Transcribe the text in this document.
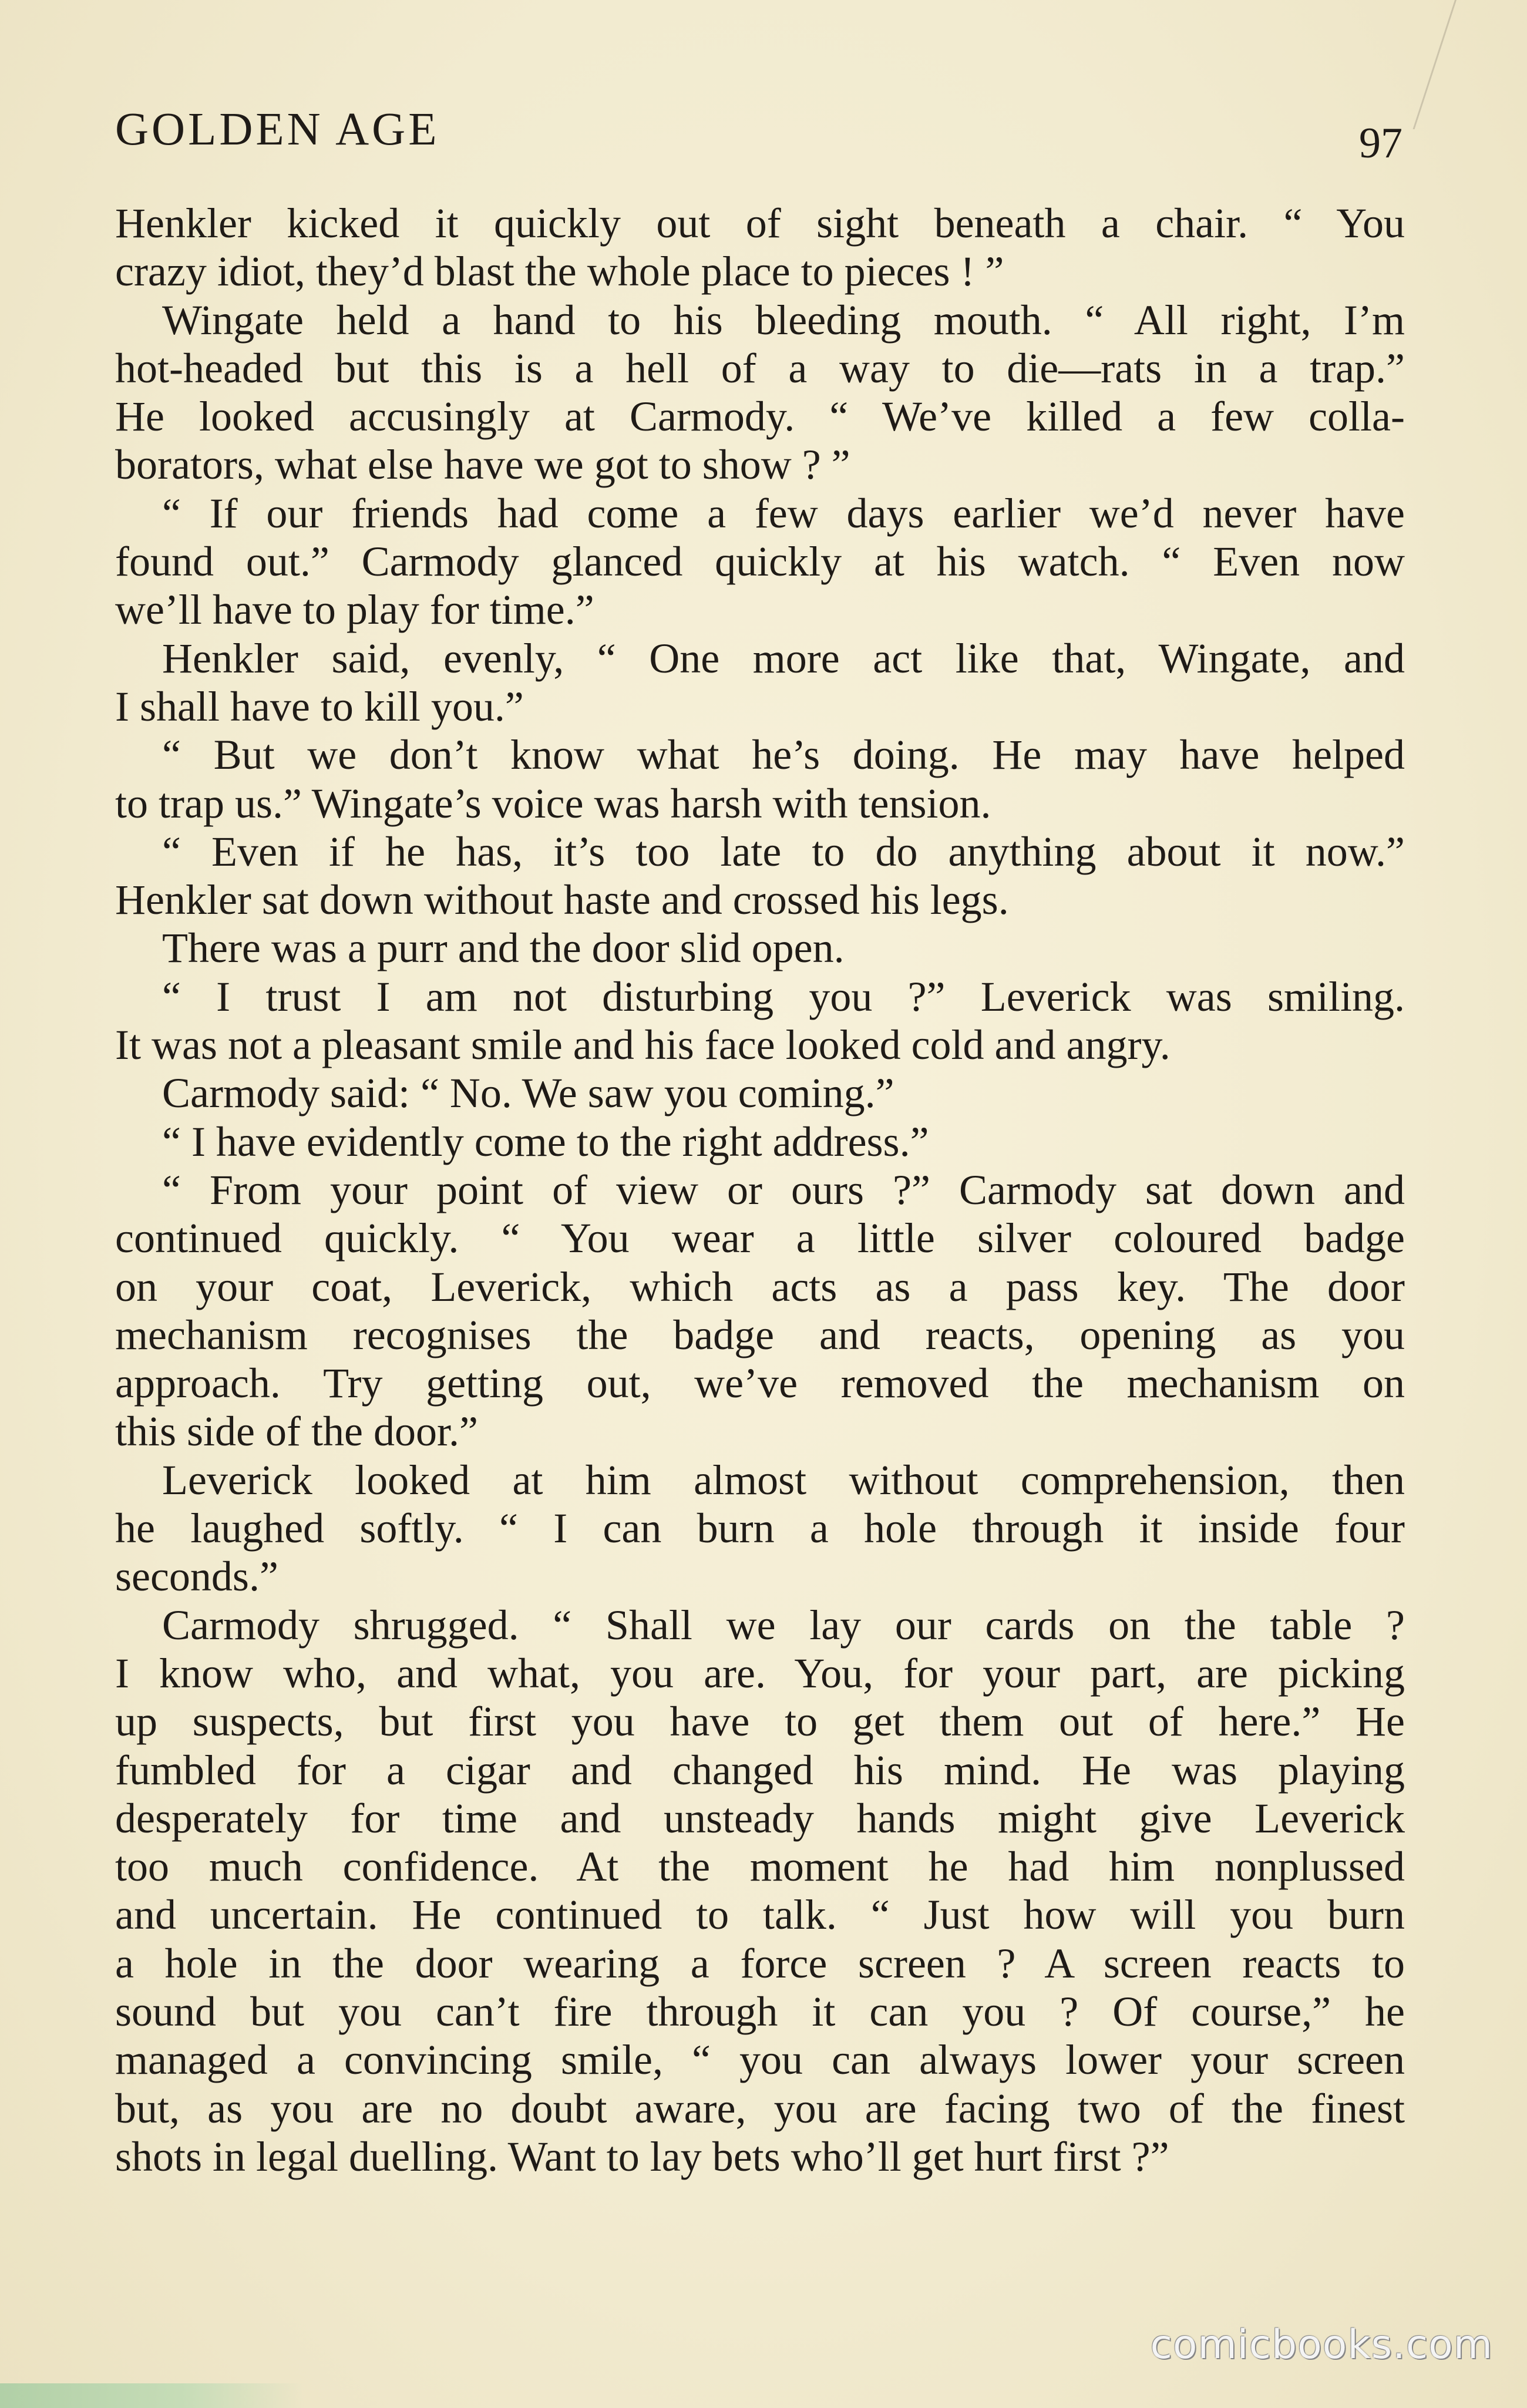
GOLDEN AGE	97
Henkler kicked it quickly out of sight beneath a chair. “ You
crazy idiot, they’d blast the whole place to pieces ! ”
Wingate held a hand to his bleeding mouth. “ All right, I’m
hot-headed but this is a hell of a way to die—rats in a trap.”
He looked accusingly at Carmody. “ We’ve killed a few colla-
borators, what else have we got to show ? ”
“ If our friends had come a few days earlier we’d never have
found out.” Carmody glanced quickly at his watch. “ Even now
we’ll have to play for time.”
Henkler said, evenly, “ One more act like that, Wingate, and
I shall have to kill you.”
“ But we don’t know what he’s doing. He may have helped
to trap us.” Wingate’s voice was harsh with tension.
“ Even if he has, it’s too late to do anything about it now.”
Henkler sat down without haste and crossed his legs.
There was a purr and the door slid open.
“ I trust I am not disturbing you ?” Leverick was smiling.
It was not a pleasant smile and his face looked cold and angry.
Carmody said: “ No. We saw you coming.”
“ I have evidently come to the right address.”
“ From your point of view or ours ?” Carmody sat down and
continued quickly. “ You wear a little silver coloured badge
on your coat, Leverick, which acts as a pass key. The door
mechanism recognises the badge and reacts, opening as you
approach. Try getting out, we’ve removed the mechanism on
this side of the door.”
Leverick looked at him almost without comprehension, then
he laughed softly. “ I can burn a hole through it inside four
seconds.”
Carmody shrugged. “ Shall we lay our cards on the table ?
I know who, and what, you are. You, for your part, are picking
up suspects, but first you have to get them out of here.” He
fumbled for a cigar and changed his mind. He was playing
desperately for time and unsteady hands might give Leverick
too much confidence. At the moment he had him nonplussed
and uncertain. He continued to talk. “ Just how will you burn
a hole in the door wearing a force screen ? A screen reacts to
sound but you can’t fire through it can you ? Of course,” he
managed a convincing smile, “ you can always lower your screen
but, as you are no doubt aware, you are facing two of the finest
shots in legal duelling. Want to lay bets who’ll get hurt first ?”
comicbooks.com
